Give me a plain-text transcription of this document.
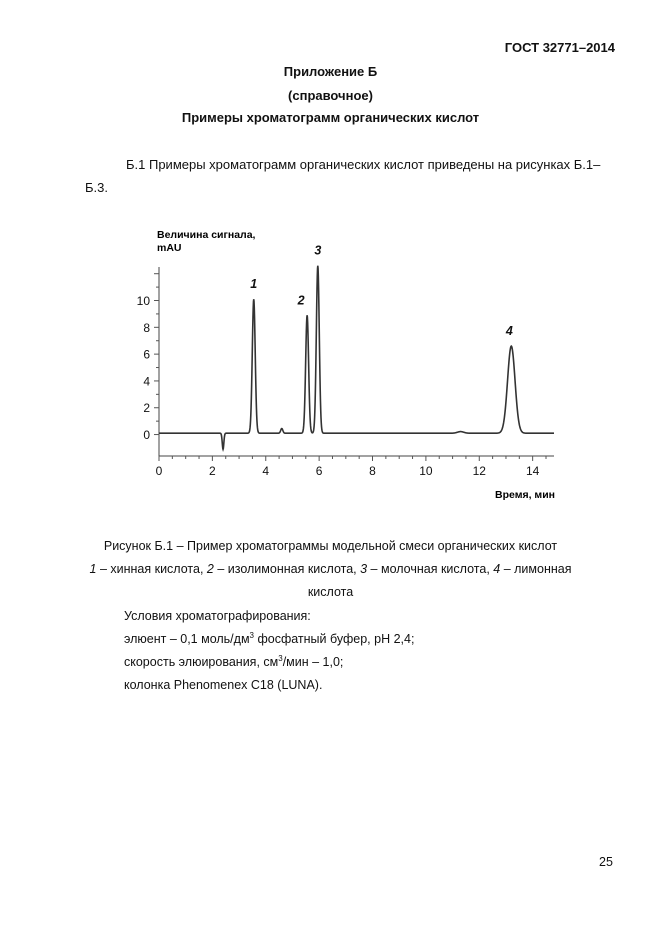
ГОСТ 32771–2014
Приложение Б
(справочное)
Примеры хроматограмм органических кислот
Б.1 Примеры хроматограмм органических кислот приведены на рисунках Б.1–
Б.3.
Величина сигнала,
mAU
Время, мин
0	2	4	6	8	10	12	14
0
2
4
6
8
10
1
2
3
4
Рисунок Б.1 – Пример хроматограммы модельной смеси органических кислот
1 – хинная кислота, 2 – изолимонная кислота, 3 – молочная кислота, 4 – лимонная
кислота
Условия хроматографирования:
элюент – 0,1 моль/$дм^3$ фосфатный буфер, pH 2,4;
скорость элюирования, $см^3$/мин – 1,0;
колонка Phenomenex C18 (LUNA).
25
